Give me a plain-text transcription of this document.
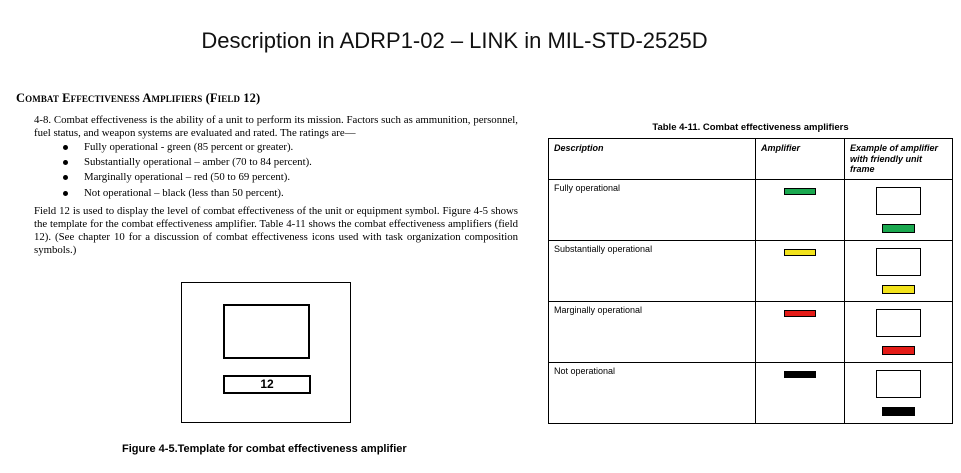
Description in ADRP1-02 – LINK in MIL-STD-2525D
Combat Effectiveness Amplifiers (Field 12)

4-8. Combat effectiveness is the ability of a unit to perform its mission. Factors such as ammunition, personnel, fuel status, and weapon systems are evaluated and rated. The ratings are—

Fully operational - green (85 percent or greater).
Substantially operational – amber (70 to 84 percent).
Marginally operational – red (50 to 69 percent).
Not operational – black (less than 50 percent).

Field 12 is used to display the level of combat effectiveness of the unit or equipment symbol. Figure 4-5 shows the template for the combat effectiveness amplifier. Table 4-11 shows the combat effectiveness amplifiers (field 12). (See chapter 10 for a discussion of combat effectiveness icons used with task organization composition symbols.)

12
Figure 4-5.Template for combat effectiveness amplifier
Table 4-11. Combat effectiveness amplifiers
Description	Amplifier	Example of amplifier with friendly unit frame
Fully operational	

Substantially operational	

Marginally operational	

Not operational	
